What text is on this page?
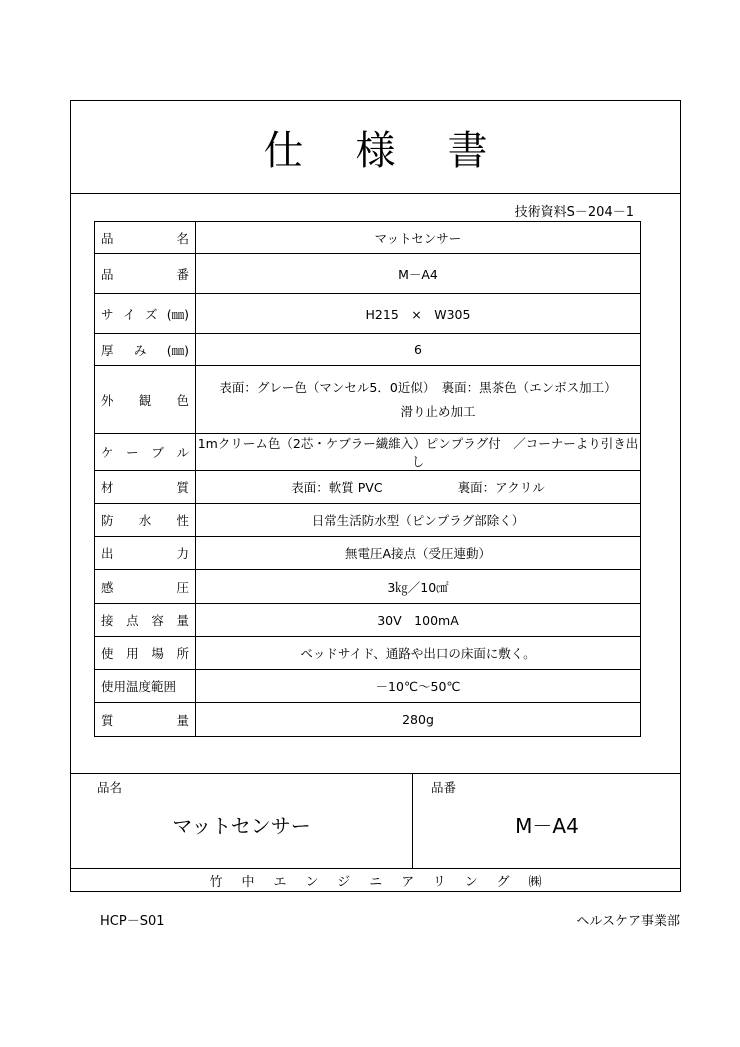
仕様書
技術資料S－204－1
品 名	マットセンサー

品 番	M－A4

サ イ ズ (㎜)	H215　×　W305

厚 み (㎜)	6

外 観 色	表面：グレー色（マンセル5．0近似）　裏面：黒茶色（エンボス加工）
滑り止め加工

ケ ー ブ ル	1mクリーム色（2芯・ケブラー繊維入）ピンプラグ付　／コーナーより引き出し

材 質	表面：軟質 PVC　　　　　　裏面：アクリル

防 水 性	日常生活防水型（ピンプラグ部除く）

出 力	無電圧A接点（受圧連動）

感 圧	3㎏／10㎠

接 点 容 量	30V　100mA

使 用 場 所	ベッドサイド、通路や出口の床面に敷く。

使用温度範囲	－10℃～50℃

質 量	280g
品名
マットセンサー
品番
M－A4
竹中エンジニアリング㈱
HCP－S01	ヘルスケア事業部
